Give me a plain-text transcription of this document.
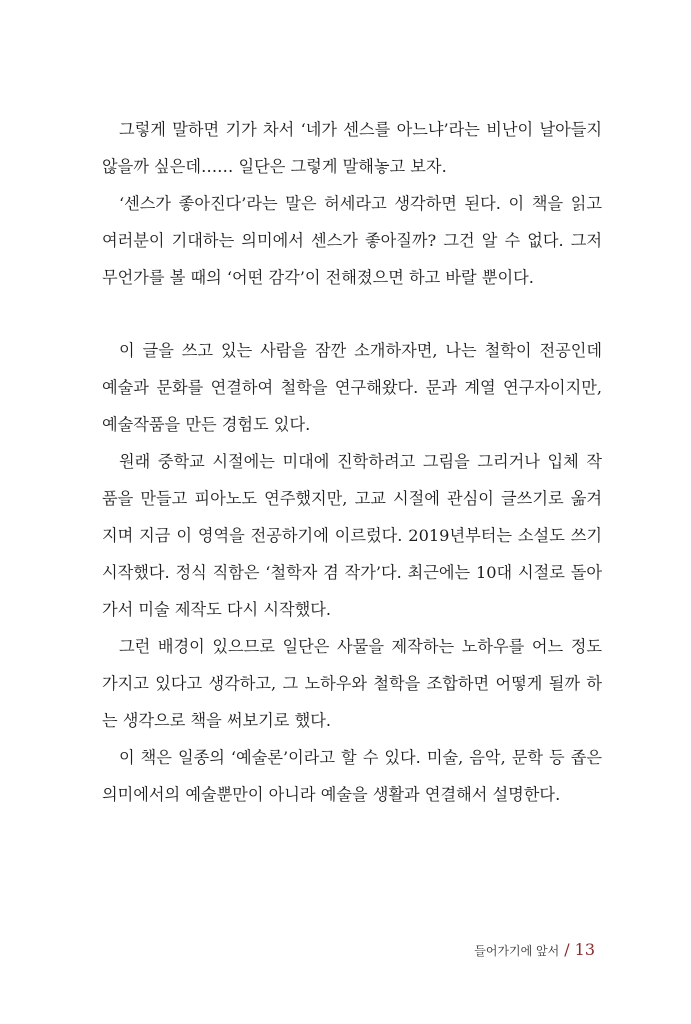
그렇게 말하면 기가 차서 ‘네가 센스를 아느냐’라는 비난이 날아들지
않을까 싶은데…… 일단은 그렇게 말해놓고 보자.
‘센스가 좋아진다’라는 말은 허세라고 생각하면 된다. 이 책을 읽고
여러분이 기대하는 의미에서 센스가 좋아질까? 그건 알 수 없다. 그저
무언가를 볼 때의 ‘어떤 감각’이 전해졌으면 하고 바랄 뿐이다.
이 글을 쓰고 있는 사람을 잠깐 소개하자면, 나는 철학이 전공인데
예술과 문화를 연결하여 철학을 연구해왔다. 문과 계열 연구자이지만,
예술작품을 만든 경험도 있다.
원래 중학교 시절에는 미대에 진학하려고 그림을 그리거나 입체 작
품을 만들고 피아노도 연주했지만, 고교 시절에 관심이 글쓰기로 옮겨
지며 지금 이 영역을 전공하기에 이르렀다. 2019년부터는 소설도 쓰기
시작했다. 정식 직함은 ‘철학자 겸 작가’다. 최근에는 10대 시절로 돌아
가서 미술 제작도 다시 시작했다.
그런 배경이 있으므로 일단은 사물을 제작하는 노하우를 어느 정도
가지고 있다고 생각하고, 그 노하우와 철학을 조합하면 어떻게 될까 하
는 생각으로 책을 써보기로 했다.
이 책은 일종의 ‘예술론’이라고 할 수 있다. 미술, 음악, 문학 등 좁은
의미에서의 예술뿐만이 아니라 예술을 생활과 연결해서 설명한다.
들어가기에 앞서 / 13
